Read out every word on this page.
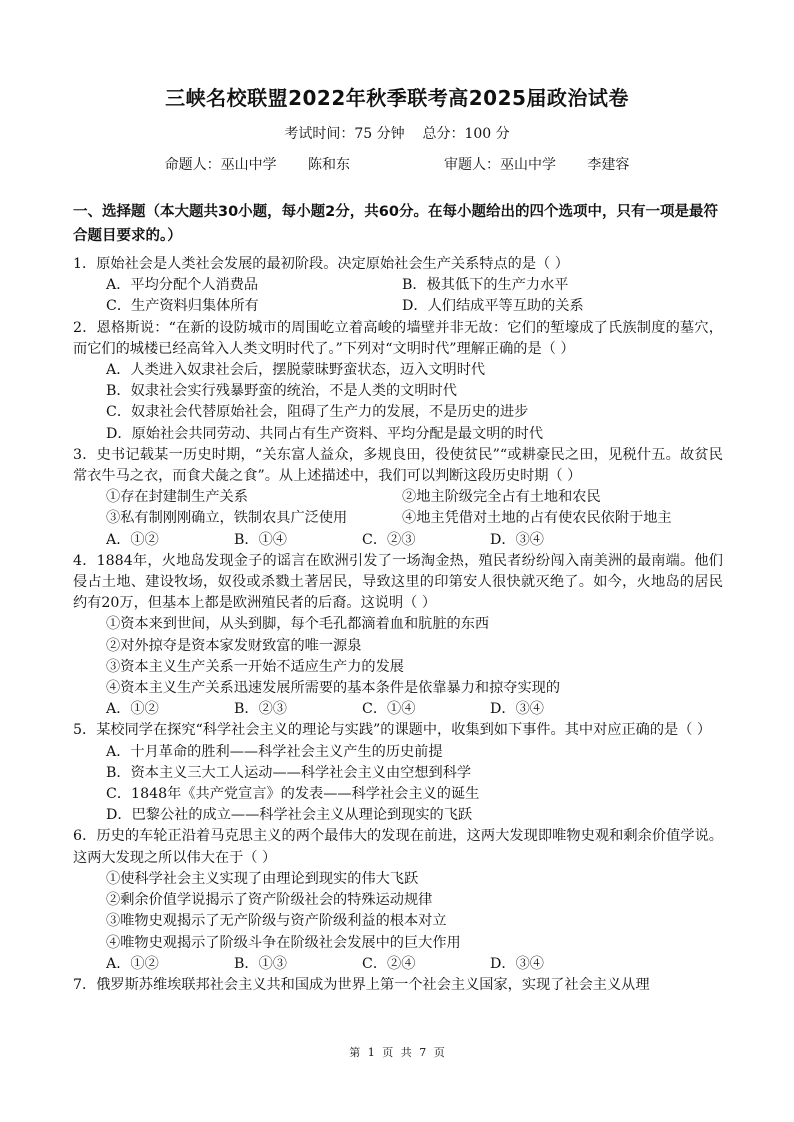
三峡名校联盟2022年秋季联考高2025届政治试卷
考试时间：75 分钟    总分：100 分
命题人：巫山中学   陈和东         审题人：巫山中学   李建容
一、选择题（本大题共30小题，每小题2分，共60分。在每小题给出的四个选项中，只有一项是最符合题目要求的。）
1．原始社会是人类社会发展的最初阶段。决定原始社会生产关系特点的是（ ）
A．平均分配个人消费品	B．极其低下的生产力水平
C．生产资料归集体所有	D．人们结成平等互助的关系
2．恩格斯说：“在新的设防城市的周围屹立着高峻的墙壁并非无故：它们的堑壕成了氏族制度的墓穴，而它们的城楼已经高耸入人类文明时代了。”下列对“文明时代”理解正确的是（ ）
A．人类进入奴隶社会后，摆脱蒙昧野蛮状态，迈入文明时代
B．奴隶社会实行残暴野蛮的统治，不是人类的文明时代
C．奴隶社会代替原始社会，阻碍了生产力的发展，不是历史的进步
D．原始社会共同劳动、共同占有生产资料、平均分配是最文明的时代
3．史书记载某一历史时期，“关东富人益众，多规良田，役使贫民”“或耕豪民之田，见税什五。故贫民常衣牛马之衣，而食犬彘之食”。从上述描述中，我们可以判断这段历史时期（ ）
①存在封建制生产关系	②地主阶级完全占有土地和农民
③私有制刚刚确立，铁制农具广泛使用	④地主凭借对土地的占有使农民依附于地主
A．①②	B．①④	C．②③	D．③④
4．1884年，火地岛发现金子的谣言在欧洲引发了一场淘金热，殖民者纷纷闯入南美洲的最南端。他们侵占土地、建设牧场，奴役或杀戮土著居民，导致这里的印第安人很快就灭绝了。如今，火地岛的居民约有20万，但基本上都是欧洲殖民者的后裔。这说明（ ）
①资本来到世间，从头到脚，每个毛孔都滴着血和肮脏的东西
②对外掠夺是资本家发财致富的唯一源泉
③资本主义生产关系一开始不适应生产力的发展
④资本主义生产关系迅速发展所需要的基本条件是依靠暴力和掠夺实现的
A．①②	B．②③	C．①④	D．③④
5．某校同学在探究“科学社会主义的理论与实践”的课题中，收集到如下事件。其中对应正确的是（ ）
A．十月革命的胜利——科学社会主义产生的历史前提
B．资本主义三大工人运动——科学社会主义由空想到科学
C．1848年《共产党宣言》的发表——科学社会主义的诞生
D．巴黎公社的成立——科学社会主义从理论到现实的飞跃
6．历史的车轮正沿着马克思主义的两个最伟大的发现在前进，这两大发现即唯物史观和剩余价值学说。这两大发现之所以伟大在于（ ）
①使科学社会主义实现了由理论到现实的伟大飞跃
②剩余价值学说揭示了资产阶级社会的特殊运动规律
③唯物史观揭示了无产阶级与资产阶级利益的根本对立
④唯物史观揭示了阶级斗争在阶级社会发展中的巨大作用
A．①②	B．①③	C．②④	D．③④
7．俄罗斯苏维埃联邦社会主义共和国成为世界上第一个社会主义国家，实现了社会主义从理
第 1 页 共 7 页
